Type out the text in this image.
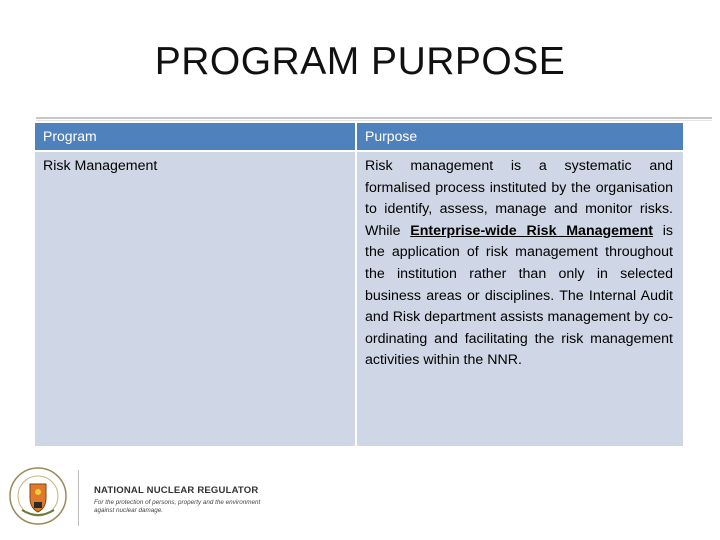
PROGRAM PURPOSE
Program	Purpose
Risk Management	Risk management is a systematic and formalised process instituted by the organisation to identify, assess, manage and monitor risks. While Enterprise-wide Risk Management is the application of risk management throughout the institution rather than only in selected business areas or disciplines. The Internal Audit and Risk department assists management by co-ordinating and facilitating the risk management activities within the NNR.

NATIONAL NUCLEAR REGULATOR
For the protection of persons, property and the environment against nuclear damage.
